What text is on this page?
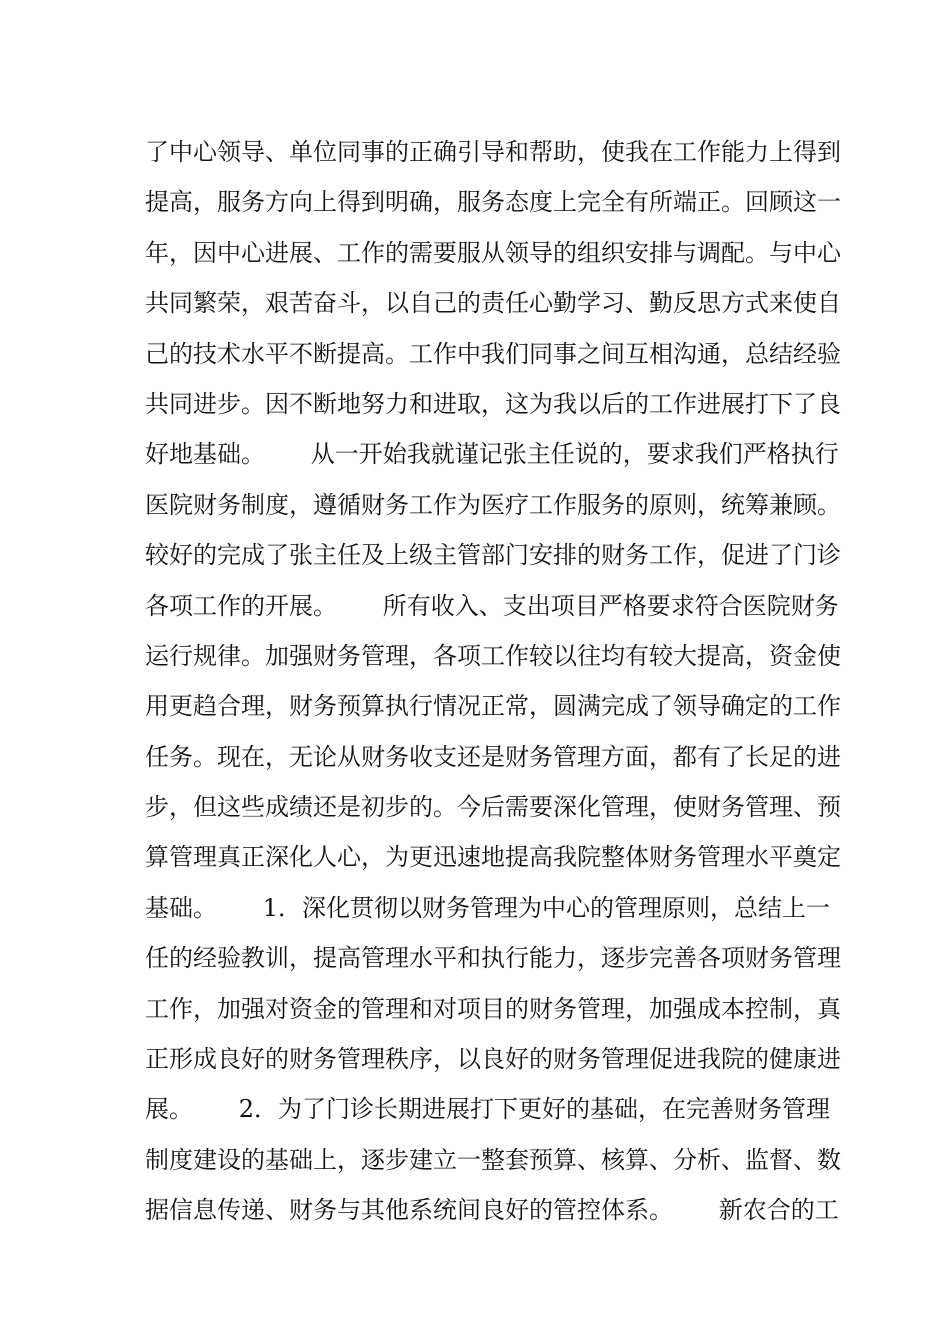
了中心领导、单位同事的正确引导和帮助，使我在工作能力上得到
提高，服务方向上得到明确，服务态度上完全有所端正。回顾这一
年，因中心进展、工作的需要服从领导的组织安排与调配。与中心
共同繁荣，艰苦奋斗，以自己的责任心勤学习、勤反思方式来使自
己的技术水平不断提高。工作中我们同事之间互相沟通，总结经验
共同进步。因不断地努力和进取，这为我以后的工作进展打下了良
好地基础。      从一开始我就谨记张主任说的，要求我们严格执行
医院财务制度，遵循财务工作为医疗工作服务的原则，统筹兼顾。
较好的完成了张主任及上级主管部门安排的财务工作，促进了门诊
各项工作的开展。      所有收入、支出项目严格要求符合医院财务
运行规律。加强财务管理，各项工作较以往均有较大提高，资金使
用更趋合理，财务预算执行情况正常，圆满完成了领导确定的工作
任务。现在，无论从财务收支还是财务管理方面，都有了长足的进
步，但这些成绩还是初步的。今后需要深化管理，使财务管理、预
算管理真正深化人心，为更迅速地提高我院整体财务管理水平奠定
基础。      1．深化贯彻以财务管理为中心的管理原则，总结上一
任的经验教训，提高管理水平和执行能力，逐步完善各项财务管理
工作，加强对资金的管理和对项目的财务管理，加强成本控制，真
正形成良好的财务管理秩序，以良好的财务管理促进我院的健康进
展。      2．为了门诊长期进展打下更好的基础，在完善财务管理
制度建设的基础上，逐步建立一整套预算、核算、分析、监督、数
据信息传递、财务与其他系统间良好的管控体系。      新农合的工
